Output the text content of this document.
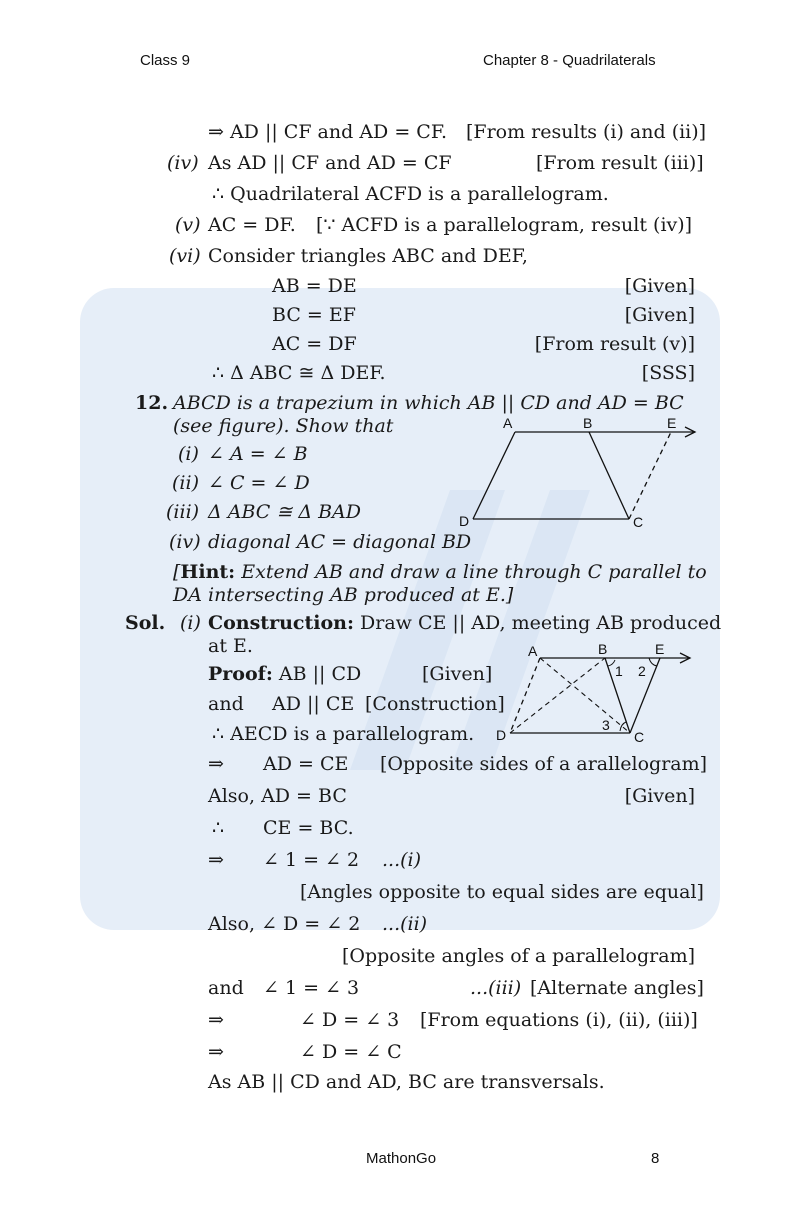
Class 9	Chapter 8 - Quadrilaterals
⇒ AD || CF and AD = CF. [From results (i) and (ii)]
(iv) As AD || CF and AD = CF	[From result (iii)]
∴ Quadrilateral ACFD is a parallelogram.
(v) AC = DF. [∵ ACFD is a parallelogram, result (iv)]
(vi) Consider triangles ABC and DEF,
AB = DE	[Given]
BC = EF	[Given]
AC = DF	[From result (v)]
∴ Δ ABC ≅ Δ DEF.	[SSS]
12. ABCD is a trapezium in which AB || CD and AD = BC
(see figure). Show that
(i) ∠ A = ∠ B
(ii) ∠ C = ∠ D
(iii) Δ ABC ≅ Δ BAD
(iv) diagonal AC = diagonal BD
A	B	E
D	C
[Hint: Extend AB and draw a line through C parallel to
DA intersecting AB produced at E.]
Sol. (i) Construction: Draw CE || AD, meeting AB produced
at E.
Proof: AB || CD	[Given]
and AD || CE [Construction]
∴ AECD is a parallelogram.
A	B	E
D	C
1 2
3
⇒ AD = CE [Opposite sides of a arallelogram]
Also, AD = BC	[Given]
∴ CE = BC.
⇒ ∠ 1 = ∠ 2 ...(i)
[Angles opposite to equal sides are equal]
Also, ∠ D = ∠ 2 ...(ii)
[Opposite angles of a parallelogram]
and ∠ 1 = ∠ 3	...(iii) [Alternate angles]
⇒	∠ D = ∠ 3 [From equations (i), (ii), (iii)]
⇒	∠ D = ∠ C
As AB || CD and AD, BC are transversals.
MathonGo	8
